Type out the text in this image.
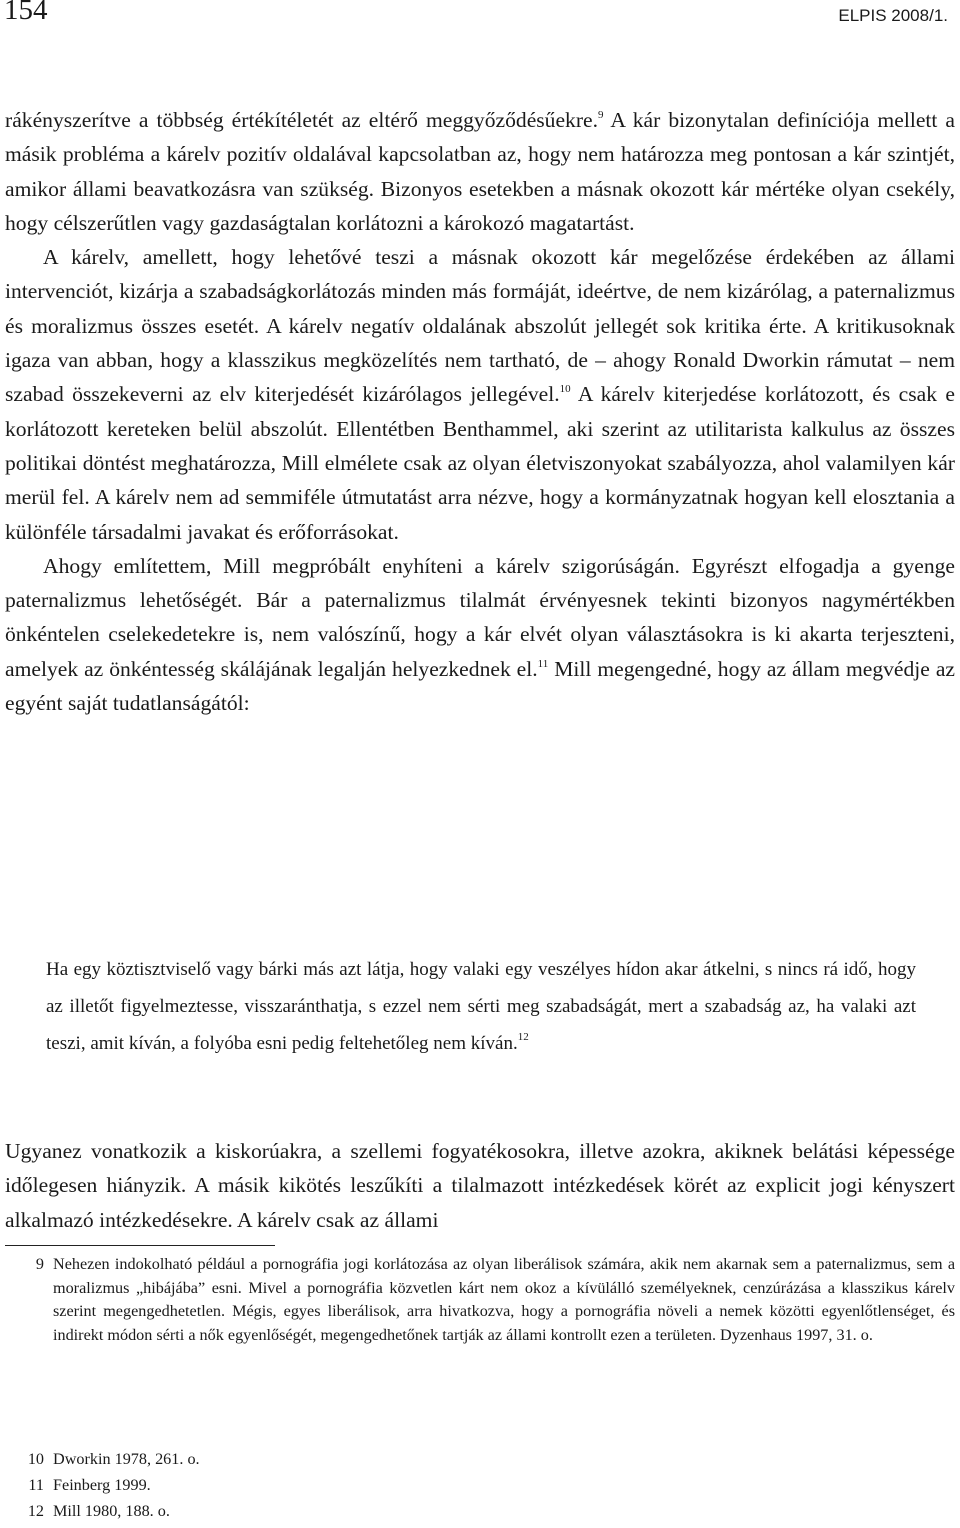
154	ELPIS 2008/1.

rákényszerítve a többség értékítéletét az eltérő meggyőződésűekre.$^9$ A kár bizonytalan definíciója mellett a másik probléma a kárelv pozitív oldalával kapcsolatban az, hogy nem határozza meg pontosan a kár szintjét, amikor állami beavatkozásra van szükség. Bizonyos esetekben a másnak okozott kár mértéke olyan csekély, hogy célszerűtlen vagy gazdaságtalan korlátozni a károkozó magatartást.

A kárelv, amellett, hogy lehetővé teszi a másnak okozott kár megelőzése érdekében az állami intervenciót, kizárja a szabadságkorlátozás minden más formáját, ideértve, de nem kizárólag, a paternalizmus és moralizmus összes esetét. A kárelv negatív oldalának abszolút jellegét sok kritika érte. A kritikusoknak igaza van abban, hogy a klasszikus megközelítés nem tartható, de – ahogy Ronald Dworkin rámutat – nem szabad összekeverni az elv kiterjedését kizárólagos jellegével.$^{10}$ A kárelv kiterjedése korlátozott, és csak e korlátozott kereteken belül abszolút. Ellentétben Benthammel, aki szerint az utilitarista kalkulus az összes politikai döntést meghatározza, Mill elmélete csak az olyan életviszonyokat szabályozza, ahol valamilyen kár merül fel. A kárelv nem ad semmiféle útmutatást arra nézve, hogy a kormányzatnak hogyan kell elosztania a különféle társadalmi javakat és erőforrásokat.

Ahogy említettem, Mill megpróbált enyhíteni a kárelv szigorúságán. Egyrészt elfogadja a gyenge paternalizmus lehetőségét. Bár a paternalizmus tilalmát érvényesnek tekinti bizonyos nagymértékben önkéntelen cselekedetekre is, nem valószínű, hogy a kár elvét olyan választásokra is ki akarta terjeszteni, amelyek az önkéntesség skálájának legalján helyezkednek el.$^{11}$ Mill megengedné, hogy az állam megvédje az egyént saját tudatlanságától:

Ha egy köztisztviselő vagy bárki más azt látja, hogy valaki egy veszélyes hídon akar átkelni, s nincs rá idő, hogy az illetőt figyelmeztesse, visszaránthatja, s ezzel nem sérti meg szabadságát, mert a szabadság az, ha valaki azt teszi, amit kíván, a folyóba esni pedig feltehetőleg nem kíván.$^{12}$

Ugyanez vonatkozik a kiskorúakra, a szellemi fogyatékosokra, illetve azokra, akiknek belátási képessége időlegesen hiányzik. A másik kikötés leszűkíti a tilalmazott intézkedések körét az explicit jogi kényszert alkalmazó intézkedésekre. A kárelv csak az állami

9 Nehezen indokolható például a pornográfia jogi korlátozása az olyan liberálisok számára, akik nem akarnak sem a paternalizmus, sem a moralizmus „hibájába” esni. Mivel a pornográfia közvetlen kárt nem okoz a kívülálló személyeknek, cenzúrázása a klasszikus kárelv szerint megengedhetetlen. Mégis, egyes liberálisok, arra hivatkozva, hogy a pornográfia növeli a nemek közötti egyenlőtlenséget, és indirekt módon sérti a nők egyenlőségét, megengedhetőnek tartják az állami kontrollt ezen a területen. Dyzenhaus 1997, 31. o.
10 Dworkin 1978, 261. o.
11 Feinberg 1999.
12 Mill 1980, 188. o.
